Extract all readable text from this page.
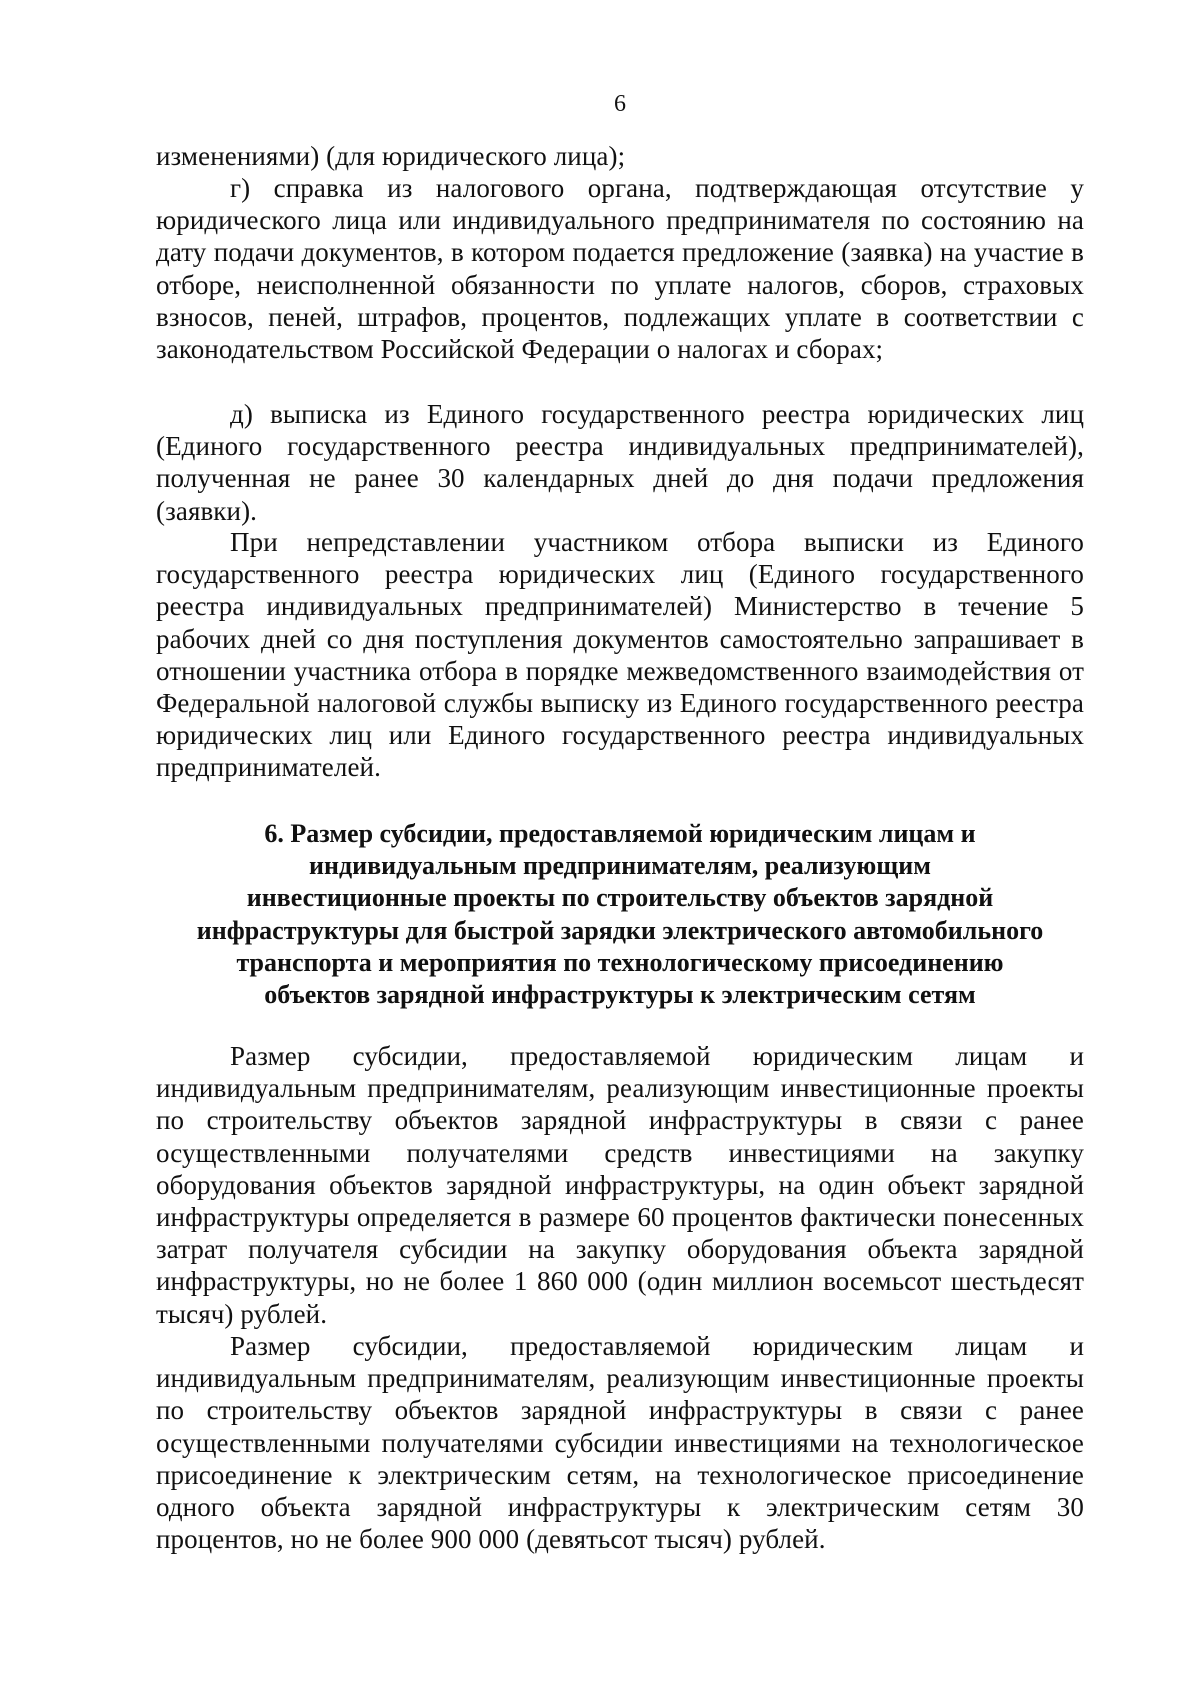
6

изменениями) (для юридического лица);

г) справка из налогового органа, подтверждающая отсутствие у юридического лица или индивидуального предпринимателя по состоянию на дату подачи документов, в котором подается предложение (заявка) на участие в отборе, неисполненной обязанности по уплате налогов, сборов, страховых взносов, пеней, штрафов, процентов, подлежащих уплате в соответствии с законодательством Российской Федерации о налогах и сборах;

д) выписка из Единого государственного реестра юридических лиц (Единого государственного реестра индивидуальных предпринимателей), полученная не ранее 30 календарных дней до дня подачи предложения (заявки).

При непредставлении участником отбора выписки из Единого государственного реестра юридических лиц (Единого государственного реестра индивидуальных предпринимателей) Министерство в течение 5 рабочих дней со дня поступления документов самостоятельно запрашивает в отношении участника отбора в порядке межведомственного взаимодействия от Федеральной налоговой службы выписку из Единого государственного реестра юридических лиц или Единого государственного реестра индивидуальных предпринимателей.

6. Размер субсидии, предоставляемой юридическим лицам и
индивидуальным предпринимателям, реализующим
инвестиционные проекты по строительству объектов зарядной
инфраструктуры для быстрой зарядки электрического автомобильного
транспорта и мероприятия по технологическому присоединению
объектов зарядной инфраструктуры к электрическим сетям

Размер субсидии, предоставляемой юридическим лицам и индивидуальным предпринимателям, реализующим инвестиционные проекты по строительству объектов зарядной инфраструктуры в связи с ранее осуществленными получателями средств инвестициями на закупку оборудования объектов зарядной инфраструктуры, на один объект зарядной инфраструктуры определяется в размере 60 процентов фактически понесенных затрат получателя субсидии на закупку оборудования объекта зарядной инфраструктуры, но не более 1 860 000 (один миллион восемьсот шестьдесят тысяч) рублей.

Размер субсидии, предоставляемой юридическим лицам и индивидуальным предпринимателям, реализующим инвестиционные проекты по строительству объектов зарядной инфраструктуры в связи с ранее осуществленными получателями субсидии инвестициями на технологическое присоединение к электрическим сетям, на технологическое присоединение одного объекта зарядной инфраструктуры к электрическим сетям 30 процентов, но не более 900 000 (девятьсот тысяч) рублей.
